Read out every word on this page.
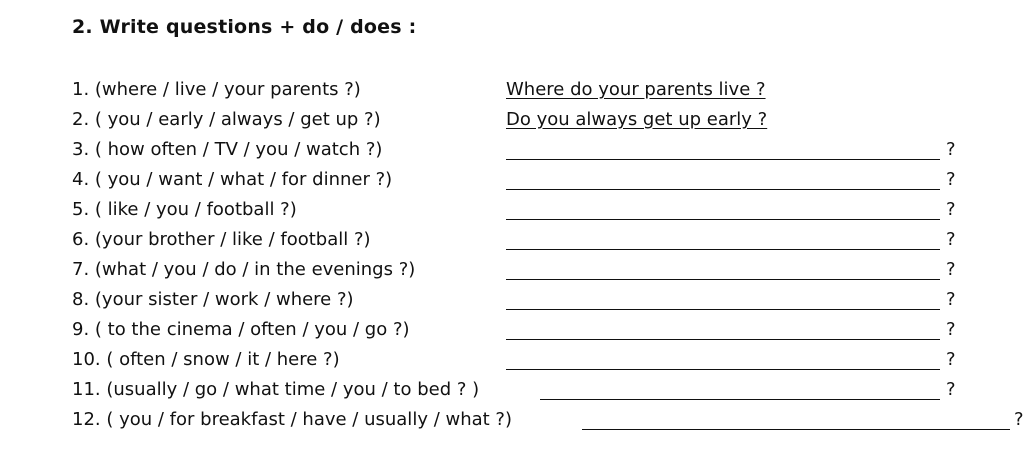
2. Write questions + do / does :
1. (where / live / your parents ?)	Where do your parents live ?
2. ( you / early / always / get up ?)	Do you always get up early ?
3. ( how often / TV / you / watch ?)	?
4. ( you / want / what / for dinner ?)	?
5. ( like / you / football ?)	?
6. (your brother / like / football ?)	?
7. (what / you / do / in the evenings ?)	?
8. (your sister / work / where ?)	?
9. ( to the cinema / often / you / go ?)	?
10. ( often / snow / it / here ?)	?
11. (usually / go / what time / you / to bed ? )	?
12. ( you / for breakfast / have / usually / what ?)	?
